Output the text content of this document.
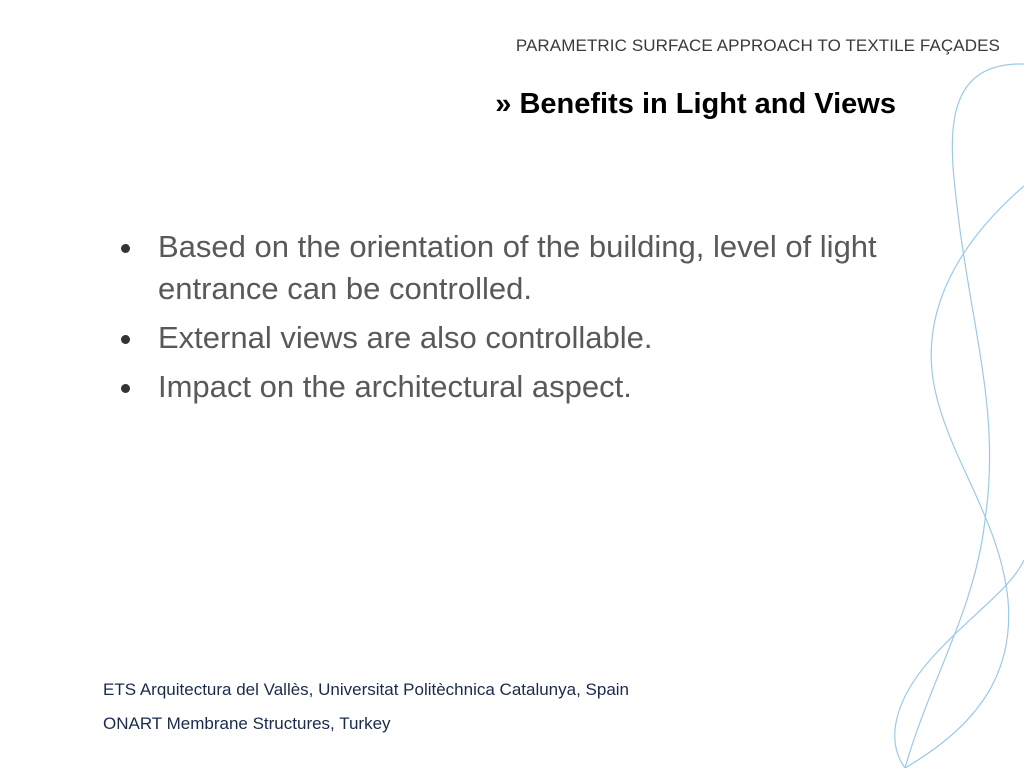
PARAMETRIC SURFACE APPROACH TO TEXTILE FAÇADES
» Benefits in Light and Views
Based on the orientation of the building, level of light entrance can be controlled.
External views are also controllable.
Impact on the architectural aspect.
ETS Arquitectura del Vallès, Universitat Politèchnica Catalunya, Spain
ONART Membrane Structures, Turkey
